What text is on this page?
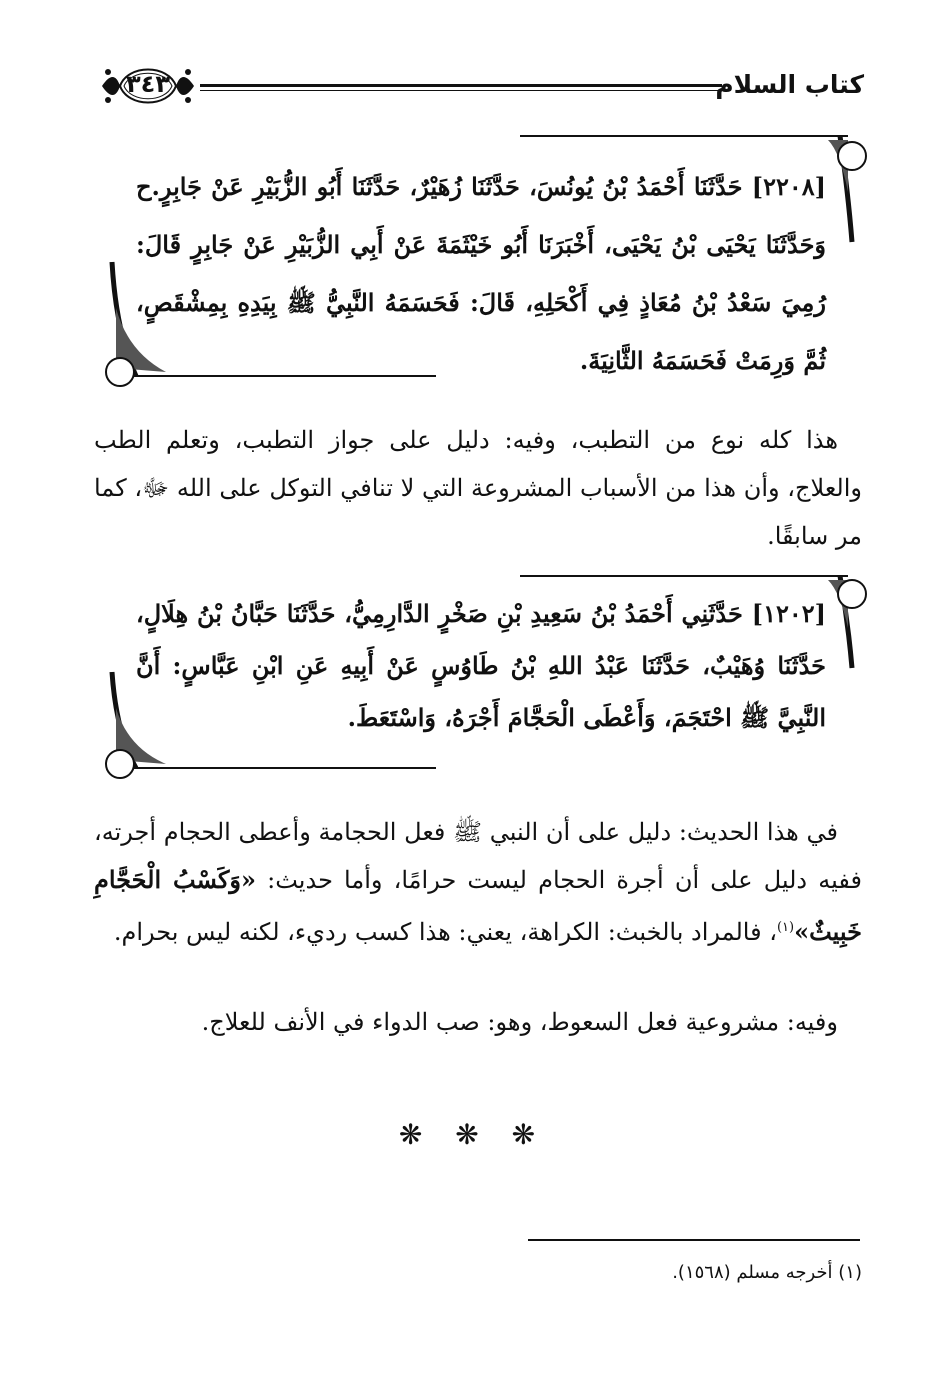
كتاب السلام
٣٤٣
[٢٢٠٨] حَدَّثَنَا أَحْمَدُ بْنُ يُونُسَ، حَدَّثَنَا زُهَيْرٌ، حَدَّثَنَا أَبُو الزُّبَيْرِ عَنْ جَابِرٍ.ح وَحَدَّثَنَا يَحْيَى بْنُ يَحْيَى، أَخْبَرَنَا أَبُو خَيْثَمَةَ عَنْ أَبِي الزُّبَيْرِ عَنْ جَابِرٍ قَالَ: رُمِيَ سَعْدُ بْنُ مُعَاذٍ فِي أَكْحَلِهِ، قَالَ: فَحَسَمَهُ النَّبِيُّ ﷺ بِيَدِهِ بِمِشْقَصٍ، ثُمَّ وَرِمَتْ فَحَسَمَهُ الثَّانِيَةَ.
هذا كله نوع من التطبب، وفيه: دليل على جواز التطبب، وتعلم الطب والعلاج، وأن هذا من الأسباب المشروعة التي لا تنافي التوكل على الله ﷻ، كما مر سابقًا.
[١٢٠٢] حَدَّثَنِي أَحْمَدُ بْنُ سَعِيدِ بْنِ صَخْرٍ الدَّارِمِيُّ، حَدَّثَنَا حَبَّانُ بْنُ هِلَالٍ، حَدَّثَنَا وُهَيْبٌ، حَدَّثَنَا عَبْدُ اللهِ بْنُ طَاوُسٍ عَنْ أَبِيهِ عَنِ ابْنِ عَبَّاسٍ: أَنَّ النَّبِيَّ ﷺ احْتَجَمَ، وَأَعْطَى الْحَجَّامَ أَجْرَهُ، وَاسْتَعَطَ.
في هذا الحديث: دليل على أن النبي ﷺ فعل الحجامة وأعطى الحجام أجرته، ففيه دليل على أن أجرة الحجام ليست حرامًا، وأما حديث: «وَكَسْبُ الْحَجَّامِ خَبِيثٌ»$^{(١)}$، فالمراد بالخبث: الكراهة، يعني: هذا كسب رديء، لكنه ليس بحرام.
وفيه: مشروعية فعل السعوط، وهو: صب الدواء في الأنف للعلاج.
❋ ❋ ❋
(١) أخرجه مسلم (١٥٦٨).
